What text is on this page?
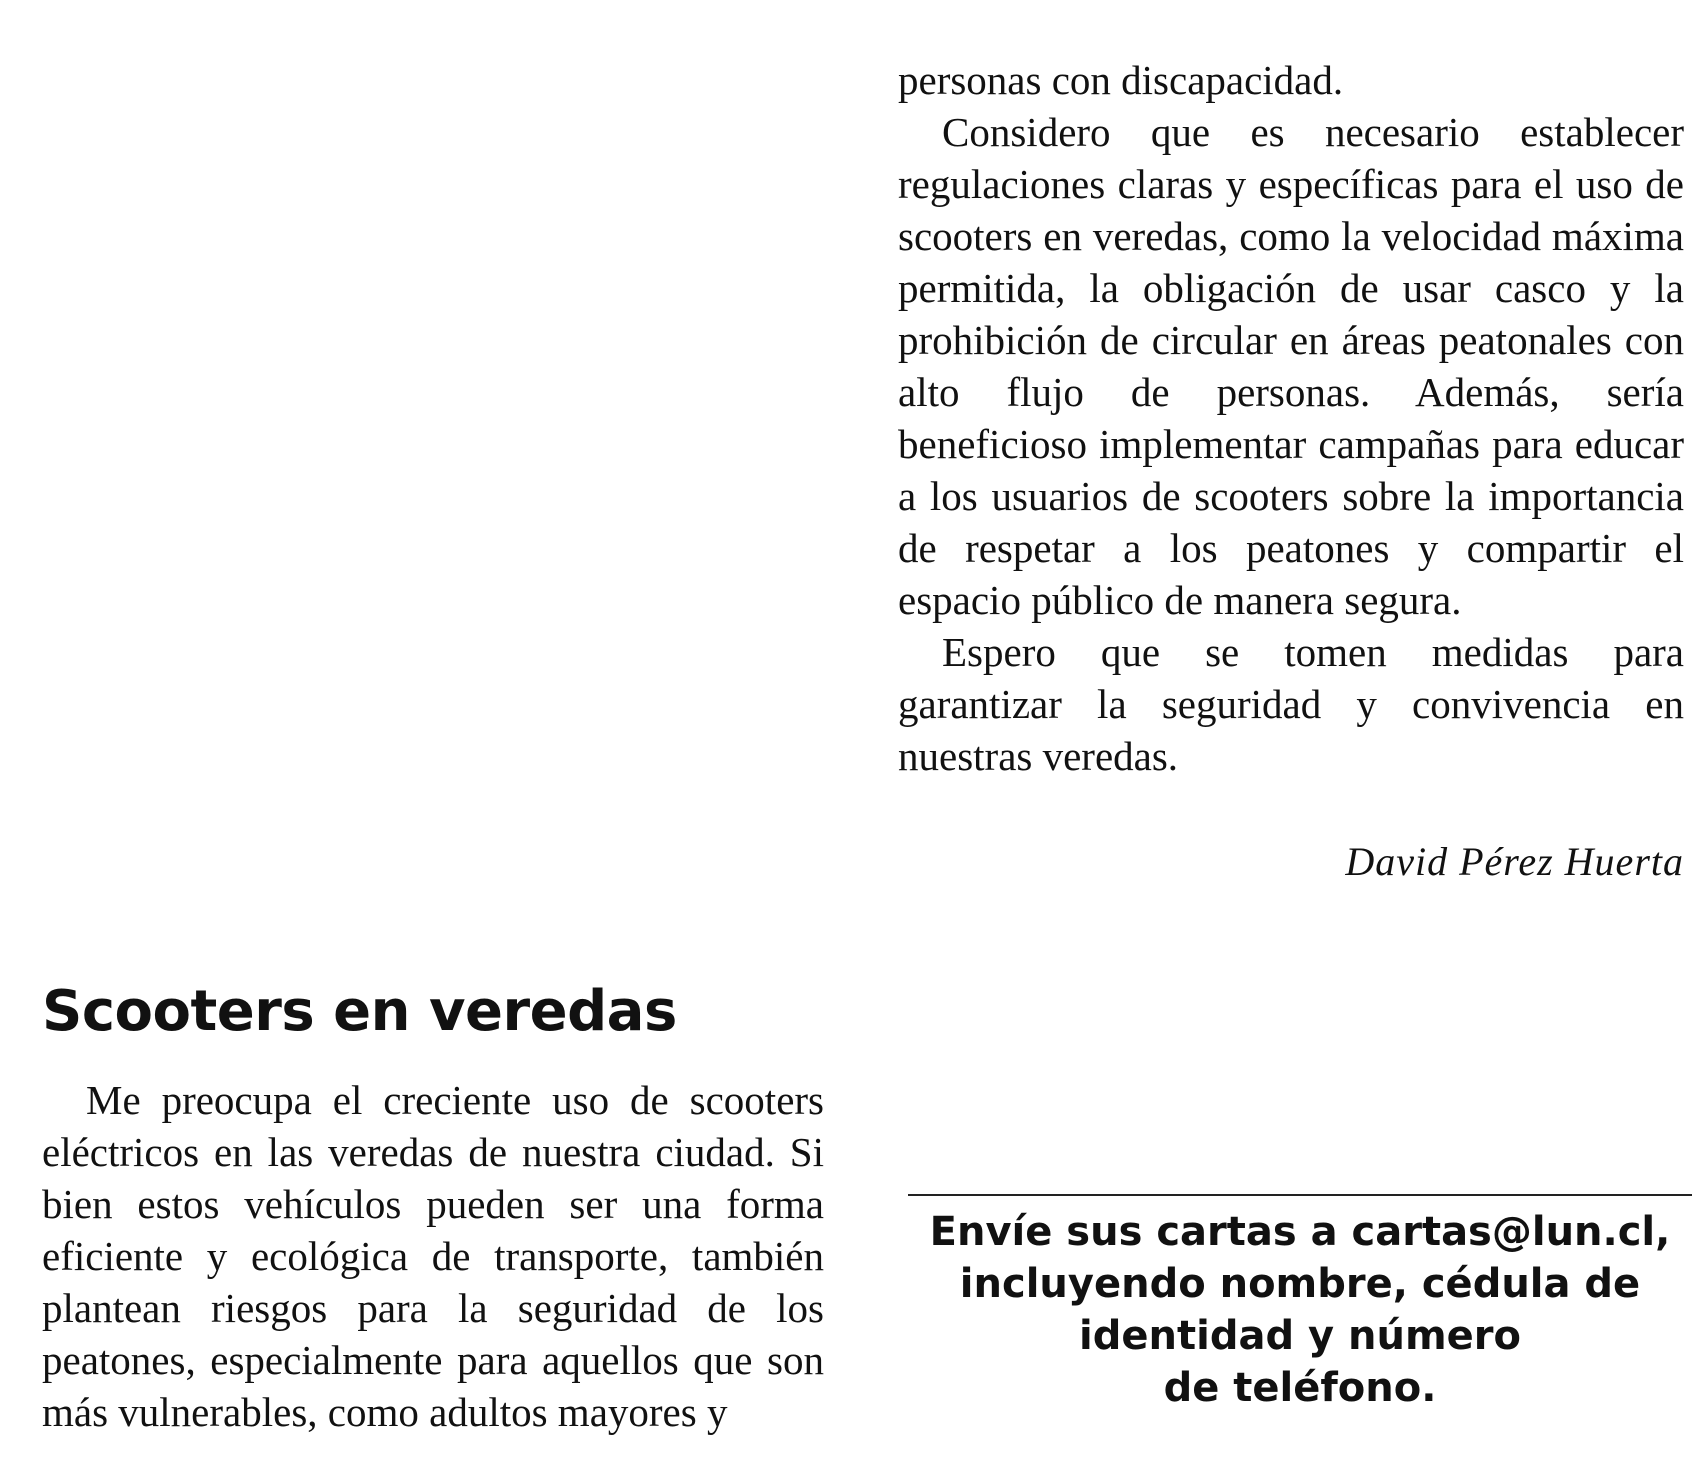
personas con discapacidad.

Considero que es necesario establecer regulaciones claras y específicas para el uso de scooters en veredas, como la velocidad máxima permitida, la obligación de usar casco y la prohibición de circular en áreas peatonales con alto flujo de personas. Además, sería beneficioso implementar campañas para educar a los usuarios de scooters sobre la importancia de respetar a los peatones y compartir el espacio público de manera segura.

Espero que se tomen medidas para garantizar la seguridad y convivencia en nuestras veredas.

David Pérez Huerta
Scooters en veredas

Me preocupa el creciente uso de scooters eléctricos en las veredas de nuestra ciudad. Si bien estos vehículos pueden ser una forma eficiente y ecológica de transporte, también plantean riesgos para la seguridad de los peatones, especialmente para aquellos que son más vulnerables, como adultos mayores y

Envíe sus cartas a cartas@lun.cl,
incluyendo nombre, cédula de
identidad y número
de teléfono.
